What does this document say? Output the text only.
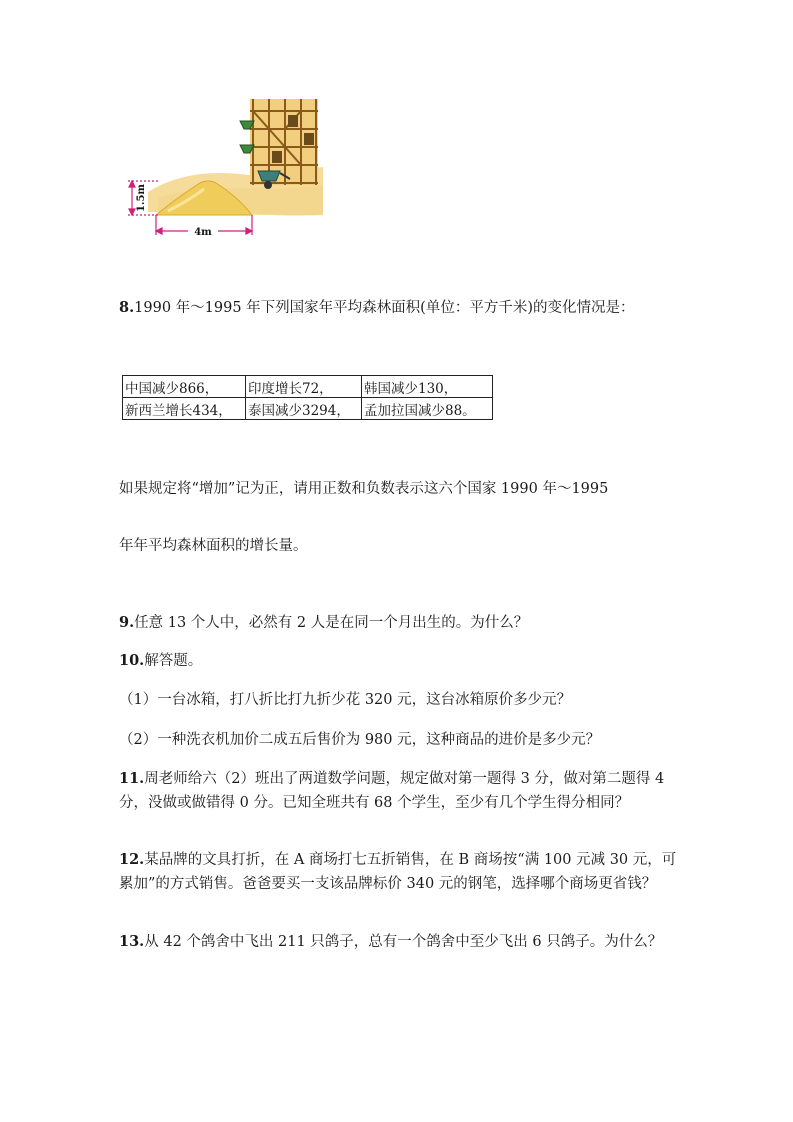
1.5m
4m
8.1990 年～1995 年下列国家年平均森林面积(单位：平方千米)的变化情况是：
中国减少866，	印度增长72，	韩国减少130，
新西兰增长434，	泰国减少3294，	孟加拉国减少88。
如果规定将“增加”记为正，请用正数和负数表示这六个国家 1990 年～1995
年年平均森林面积的增长量。
9.任意 13 个人中，必然有 2 人是在同一个月出生的。为什么？
10.解答题。
（1）一台冰箱，打八折比打九折少花 320 元，这台冰箱原价多少元？
（2）一种洗衣机加价二成五后售价为 980 元，这种商品的进价是多少元？
11.周老师给六（2）班出了两道数学问题，规定做对第一题得 3 分，做对第二题得 4 分，没做或做错得 0 分。已知全班共有 68 个学生，至少有几个学生得分相同？
12.某品牌的文具打折，在 A 商场打七五折销售，在 B 商场按“满 100 元减 30 元，可累加”的方式销售。爸爸要买一支该品牌标价 340 元的钢笔，选择哪个商场更省钱？
13.从 42 个鸽舍中飞出 211 只鸽子，总有一个鸽舍中至少飞出 6 只鸽子。为什么？
